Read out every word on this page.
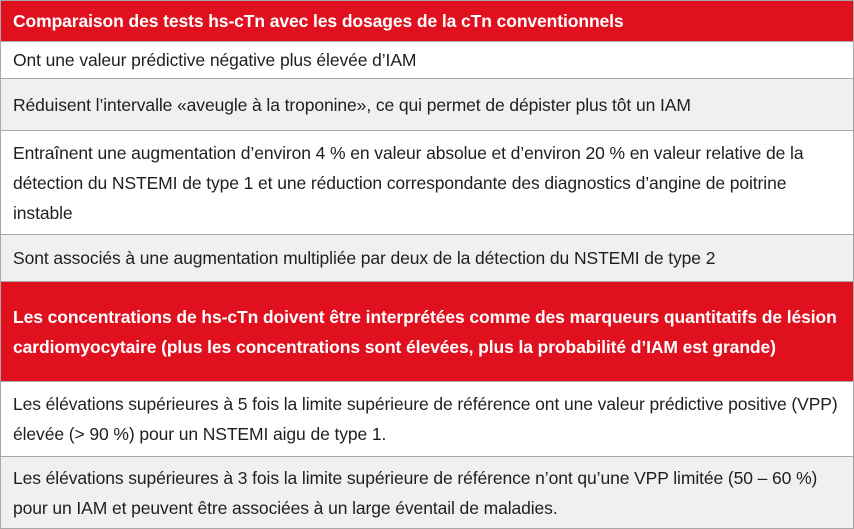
Comparaison des tests hs-cTn avec les dosages de la cTn conventionnels
Ont une valeur prédictive négative plus élevée d’IAM
Réduisent l’intervalle «aveugle à la troponine», ce qui permet de dépister plus tôt un IAM
Entraînent une augmentation d’environ 4 % en valeur absolue et d’environ 20 % en valeur relative de la détection du NSTEMI de type 1 et une réduction correspondante des diagnostics d’angine de poitrine instable
Sont associés à une augmentation multipliée par deux de la détection du NSTEMI de type 2
Les concentrations de hs-cTn doivent être interprétées comme des marqueurs quantitatifs de lésion cardiomyocytaire (plus les concentrations sont élevées, plus la probabilité d’IAM est grande)
Les élévations supérieures à 5 fois la limite supérieure de référence ont une valeur prédictive positive (VPP) élevée (> 90 %) pour un NSTEMI aigu de type 1.
Les élévations supérieures à 3 fois la limite supérieure de référence n’ont qu’une VPP limitée (50 – 60 %) pour un IAM et peuvent être associées à un large éventail de maladies.
